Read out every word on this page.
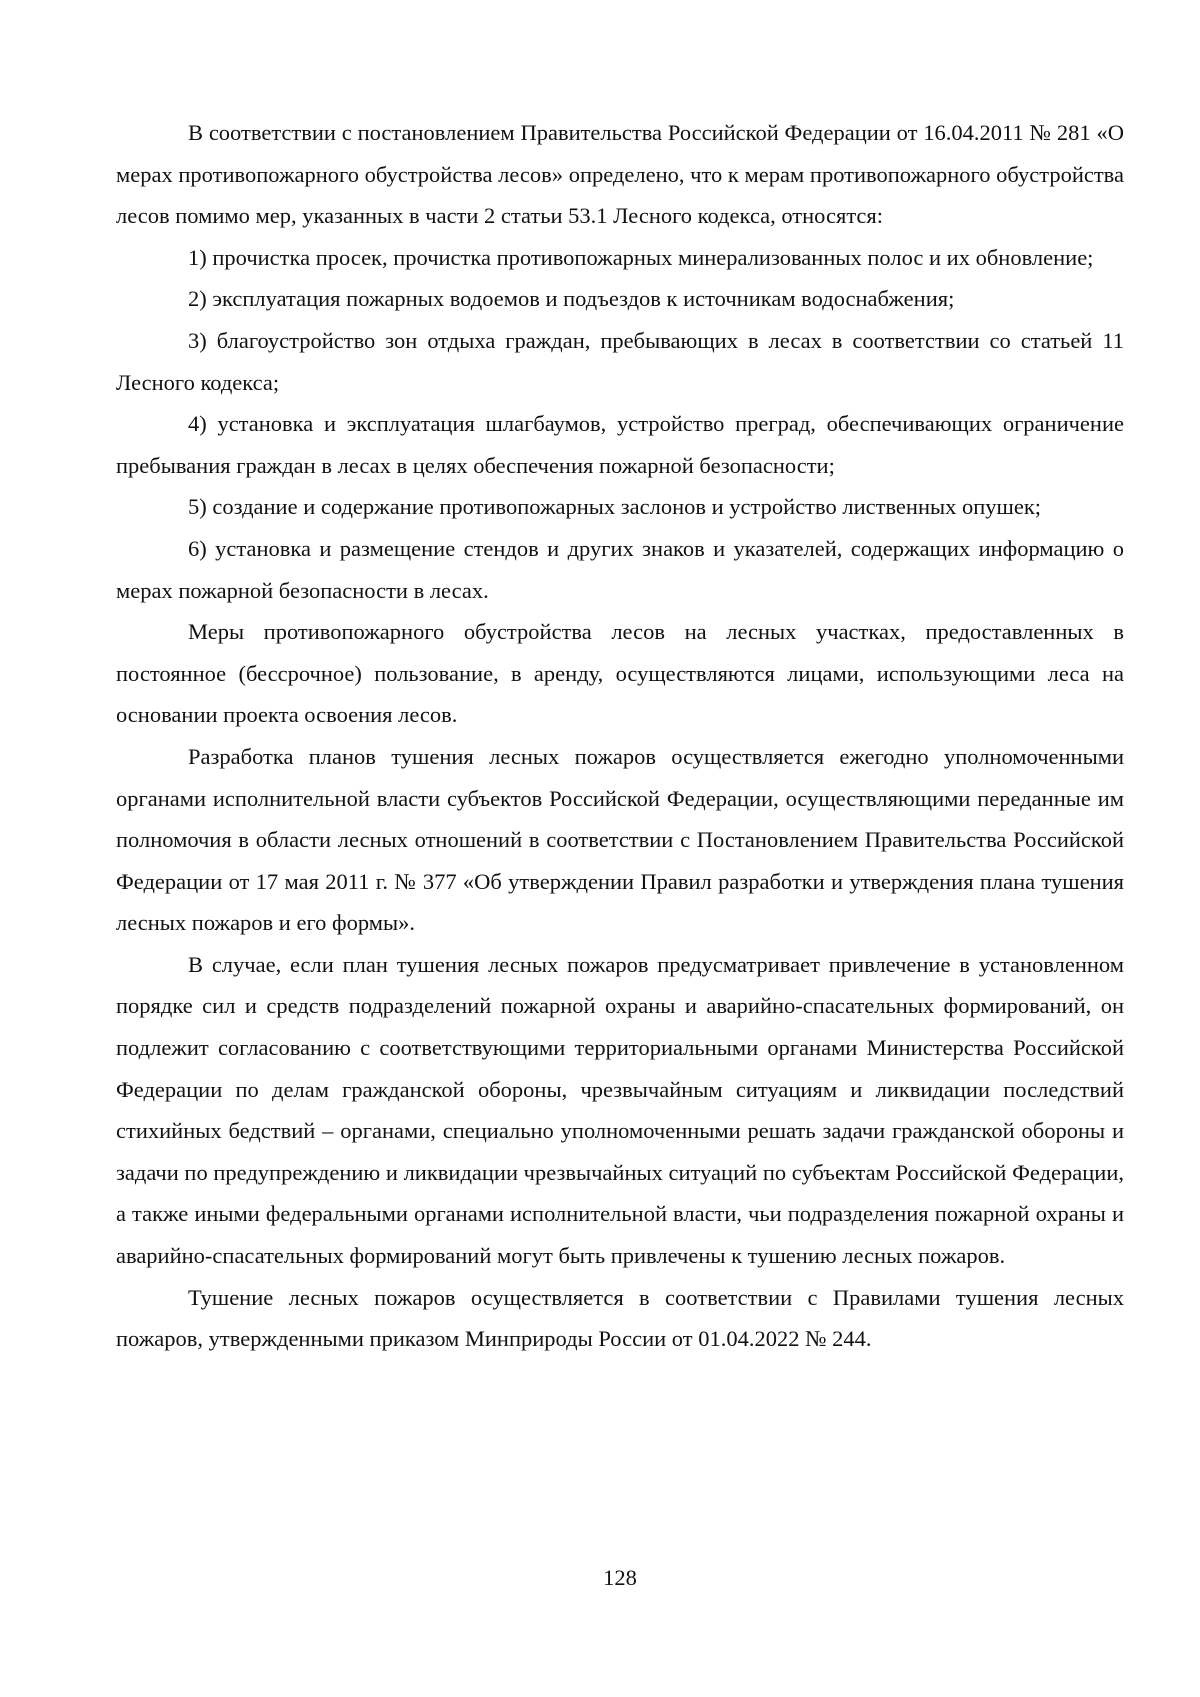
В соответствии с постановлением Правительства Российской Федерации от 16.04.2011 № 281 «О мерах противопожарного обустройства лесов» определено, что к мерам противопожарного обустройства лесов помимо мер, указанных в части 2 статьи 53.1 Лесного кодекса, относятся:

1) прочистка просек, прочистка противопожарных минерализованных полос и их обновление;

2) эксплуатация пожарных водоемов и подъездов к источникам водоснабжения;

3) благоустройство зон отдыха граждан, пребывающих в лесах в соответствии со статьей 11 Лесного кодекса;

4) установка и эксплуатация шлагбаумов, устройство преград, обеспечивающих ограничение пребывания граждан в лесах в целях обеспечения пожарной безопасности;

5) создание и содержание противопожарных заслонов и устройство лиственных опушек;

6) установка и размещение стендов и других знаков и указателей, содержащих информацию о мерах пожарной безопасности в лесах.

Меры противопожарного обустройства лесов на лесных участках, предоставленных в постоянное (бессрочное) пользование, в аренду, осуществляются лицами, использующими леса на основании проекта освоения лесов.

Разработка планов тушения лесных пожаров осуществляется ежегодно уполномоченными органами исполнительной власти субъектов Российской Федерации, осуществляющими переданные им полномочия в области лесных отношений в соответствии с Постановлением Правительства Российской Федерации от 17 мая 2011 г. № 377 «Об утверждении Правил разработки и утверждения плана тушения лесных пожаров и его формы».

В случае, если план тушения лесных пожаров предусматривает привлечение в установленном порядке сил и средств подразделений пожарной охраны и аварийно-спасательных формирований, он подлежит согласованию с соответствующими территориальными органами Министерства Российской Федерации по делам гражданской обороны, чрезвычайным ситуациям и ликвидации последствий стихийных бедствий – органами, специально уполномоченными решать задачи гражданской обороны и задачи по предупреждению и ликвидации чрезвычайных ситуаций по субъектам Российской Федерации, а также иными федеральными органами исполнительной власти, чьи подразделения пожарной охраны и аварийно-спасательных формирований могут быть привлечены к тушению лесных пожаров.

Тушение лесных пожаров осуществляется в соответствии с Правилами тушения лесных пожаров, утвержденными приказом Минприроды России от 01.04.2022 № 244.

128
